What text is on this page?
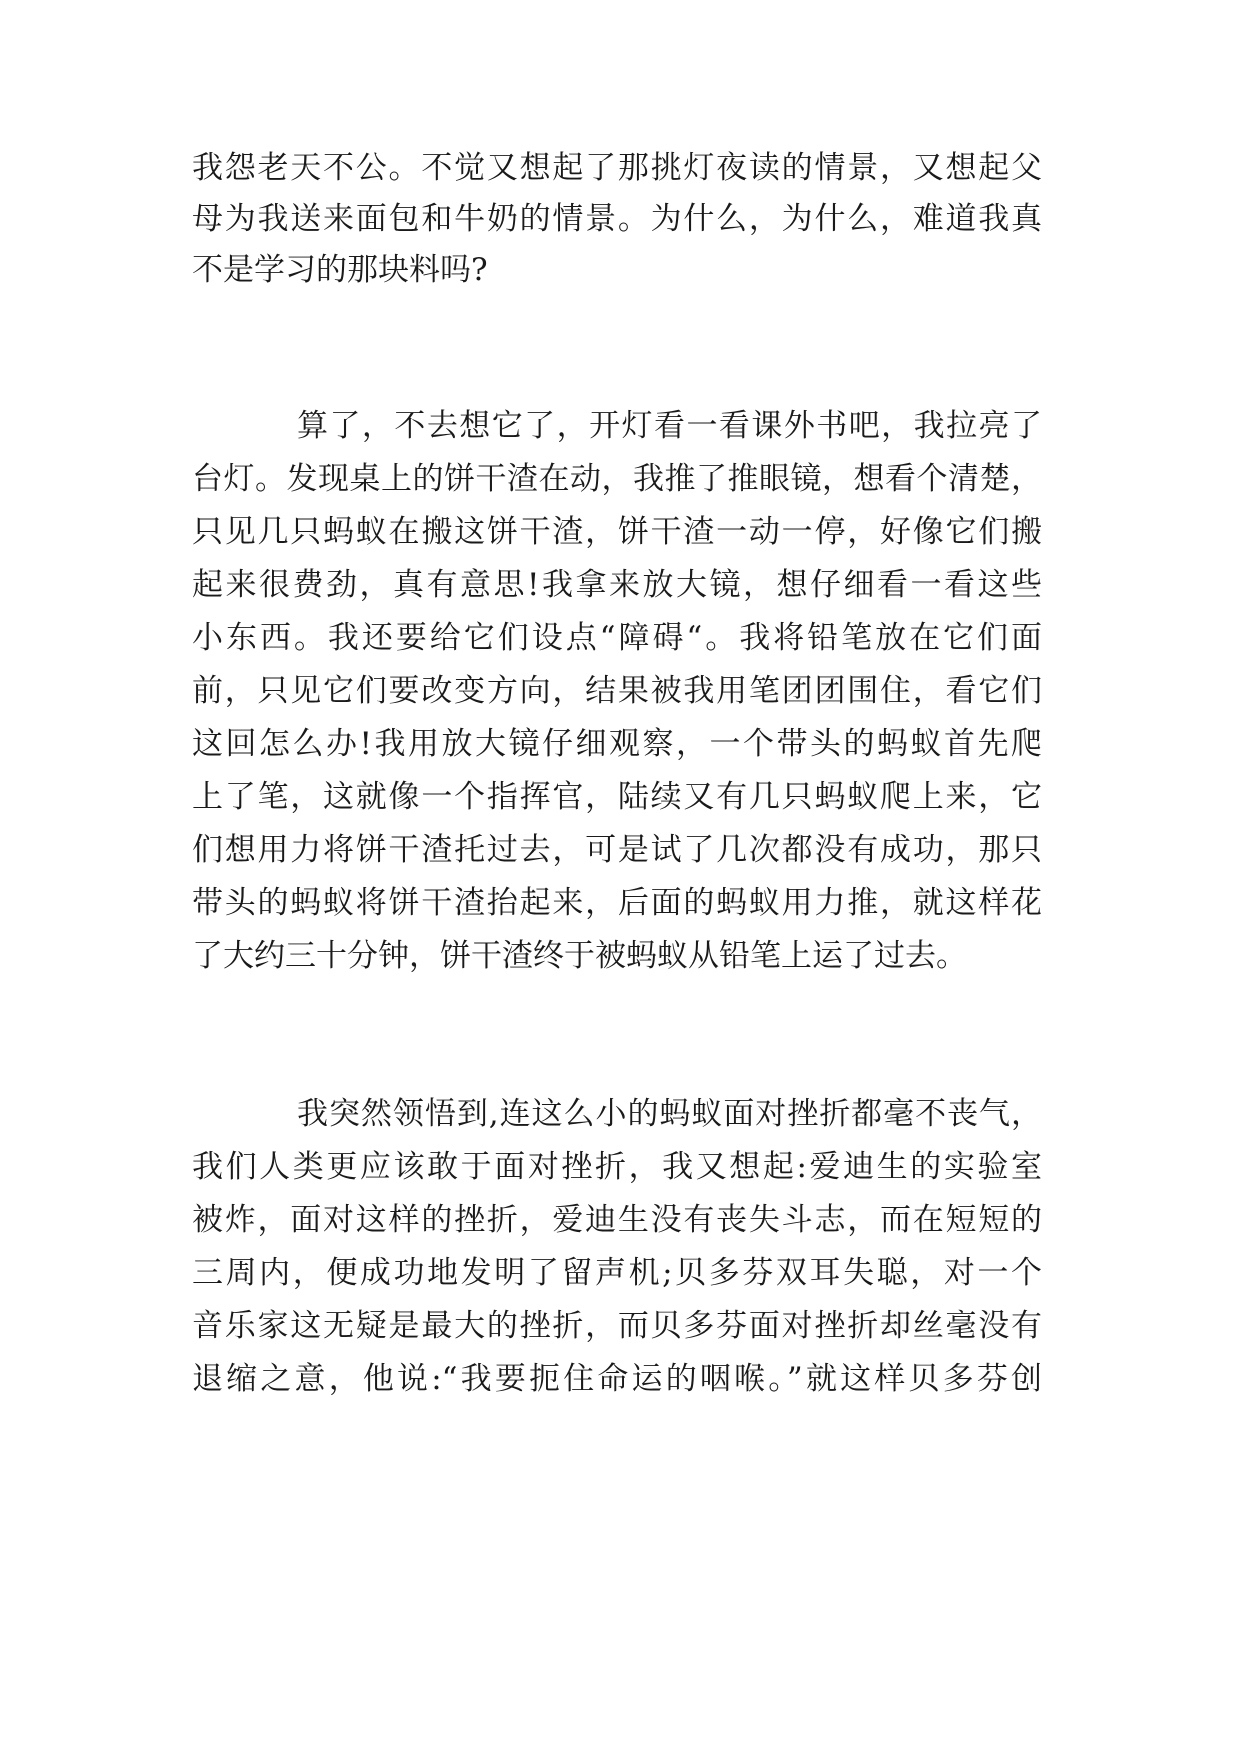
我怨老天不公。不觉又想起了那挑灯夜读的情景，又想起父
母为我送来面包和牛奶的情景。为什么，为什么，难道我真
不是学习的那块料吗?
算了，不去想它了，开灯看一看课外书吧，我拉亮了
台灯。发现桌上的饼干渣在动，我推了推眼镜，想看个清楚，
只见几只蚂蚁在搬这饼干渣，饼干渣一动一停，好像它们搬
起来很费劲，真有意思!我拿来放大镜，想仔细看一看这些
小东西。我还要给它们设点“障碍“。我将铅笔放在它们面
前，只见它们要改变方向，结果被我用笔团团围住，看它们
这回怎么办!我用放大镜仔细观察，一个带头的蚂蚁首先爬
上了笔，这就像一个指挥官，陆续又有几只蚂蚁爬上来，它
们想用力将饼干渣托过去，可是试了几次都没有成功，那只
带头的蚂蚁将饼干渣抬起来，后面的蚂蚁用力推，就这样花
了大约三十分钟，饼干渣终于被蚂蚁从铅笔上运了过去。
我突然领悟到,连这么小的蚂蚁面对挫折都毫不丧气，
我们人类更应该敢于面对挫折，我又想起:爱迪生的实验室
被炸，面对这样的挫折，爱迪生没有丧失斗志，而在短短的
三周内，便成功地发明了留声机;贝多芬双耳失聪，对一个
音乐家这无疑是最大的挫折，而贝多芬面对挫折却丝毫没有
退缩之意，他说:“我要扼住命运的咽喉。”就这样贝多芬创
